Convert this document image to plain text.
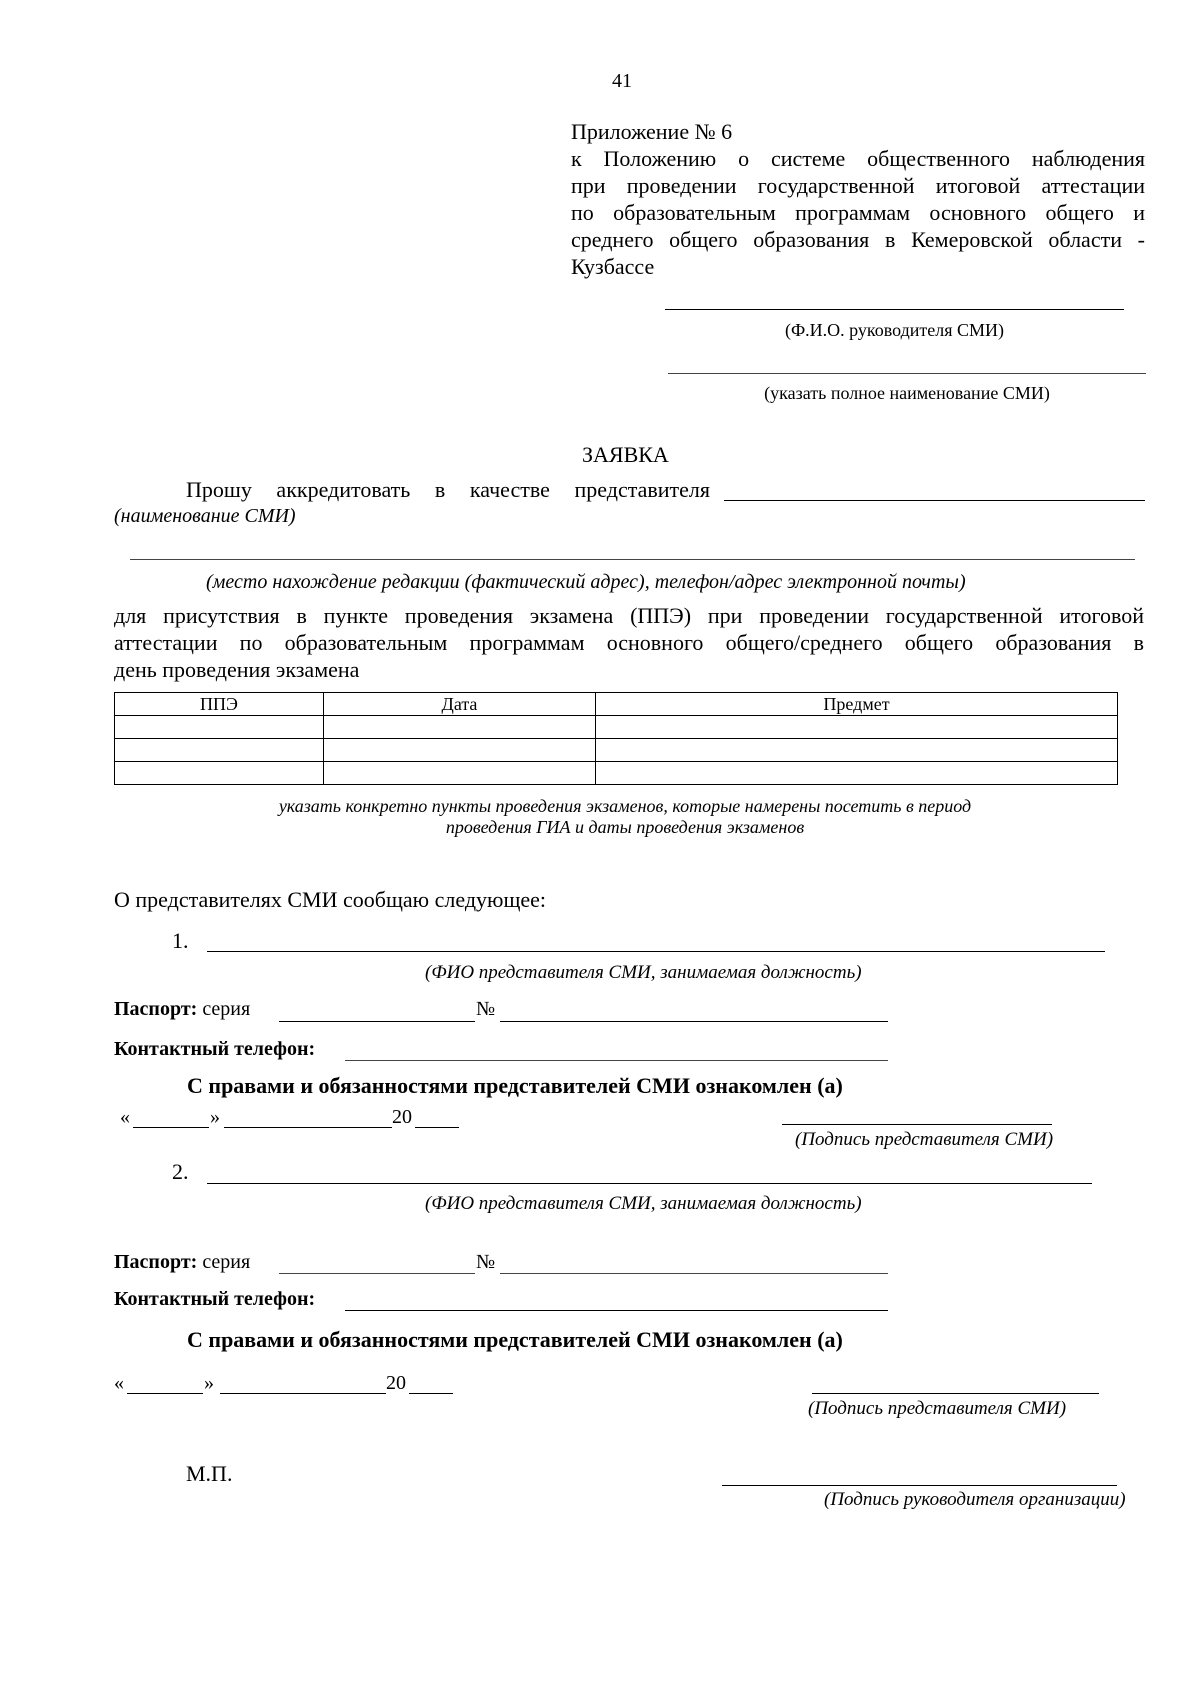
41
Приложение № 6
к Положению о системе общественного наблюдения
при проведении государственной итоговой аттестации
по образовательным программам основного общего и
среднего общего образования в Кемеровской области -
Кузбассе
(Ф.И.О. руководителя СМИ)
(указать полное наименование СМИ)
ЗАЯВКА
Прошу аккредитовать в качестве представителя
(наименование СМИ)
(место нахождение редакции (фактический адрес), телефон/адрес электронной почты)
для присутствия в пункте проведения экзамена (ППЭ) при проведении государственной итоговой
аттестации по образовательным программам основного общего/среднего общего образования в
день проведения экзамена
ППЭ	Дата	Предмет

указать конкретно пункты проведения экзаменов, которые намерены посетить в период
проведения ГИА и даты проведения экзаменов
О представителях СМИ сообщаю следующее:
1.
(ФИО представителя СМИ, занимаемая должность)
Паспорт: серия	№
Контактный телефон:
С правами и обязанностями представителей СМИ ознакомлен (а)
«	»	20
(Подпись представителя СМИ)
2.
(ФИО представителя СМИ, занимаемая должность)
Паспорт: серия	№
Контактный телефон:
С правами и обязанностями представителей СМИ ознакомлен (а)
«	»	20
(Подпись представителя СМИ)
М.П.
(Подпись руководителя организации)
